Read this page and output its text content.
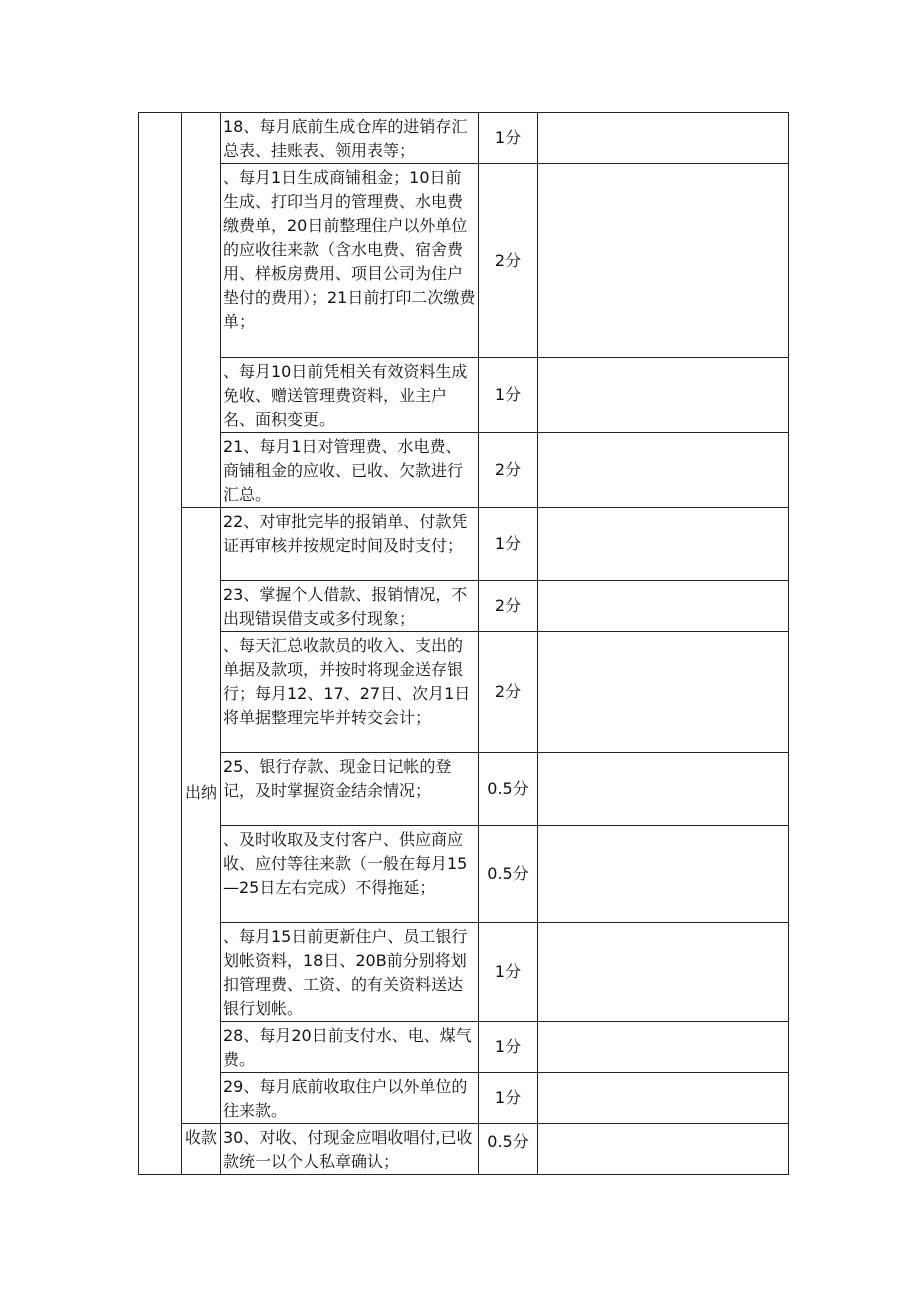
		18、每月底前生成仓库的进销存汇总表、挂账表、领用表等；	1分	
		、每月1日生成商铺租金；10日前生成、打印当月的管理费、水电费缴费单，20日前整理住户以外单位的应收往来款（含水电费、宿舍费用、样板房费用、项目公司为住户垫付的费用）；21日前打印二次缴费单；	2分	
		、每月10日前凭相关有效资料生成免收、赠送管理费资料，业主户名、面积变更。	1分	
		21、每月1日对管理费、水电费、商铺租金的应收、已收、欠款进行汇总。	2分	
	出纳	22、对审批完毕的报销单、付款凭证再审核并按规定时间及时支付；	1分	
		23、掌握个人借款、报销情况，不出现错误借支或多付现象；	2分	
		、每天汇总收款员的收入、支出的单据及款项，并按时将现金送存银行；每月12、17、27日、次月1日将单据整理完毕并转交会计；	2分	
		25、银行存款、现金日记帐的登记，及时掌握资金结余情况；	0.5分	
		、及时收取及支付客户、供应商应收、应付等往来款（一般在每月15—25日左右完成）不得拖延；	0.5分	
		、每月15日前更新住户、员工银行划帐资料，18日、20B前分别将划扣管理费、工资、的有关资料送达银行划帐。	1分	
		28、每月20日前支付水、电、煤气费。	1分	
		29、每月底前收取住户以外单位的往来款。	1分	
	收款	30、对收、付现金应唱收唱付,已收款统一以个人私章确认；	0.5分	
